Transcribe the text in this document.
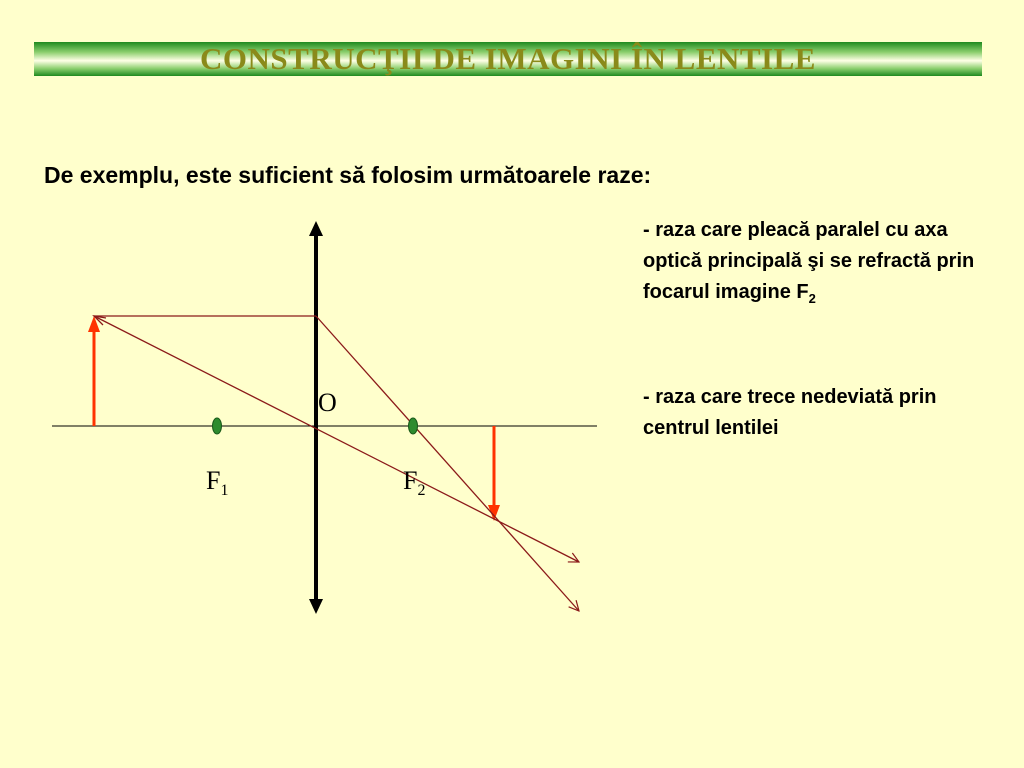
CONSTRUCŢII DE IMAGINI ÎN LENTILE
De exemplu, este suficient să folosim următoarele raze:
- raza care pleacă paralel cu axa optică principală şi se refractă prin focarul imagine $F_2$
- raza care trece nedeviată prin centrul lentilei
O
$F_1$	$F_2$
